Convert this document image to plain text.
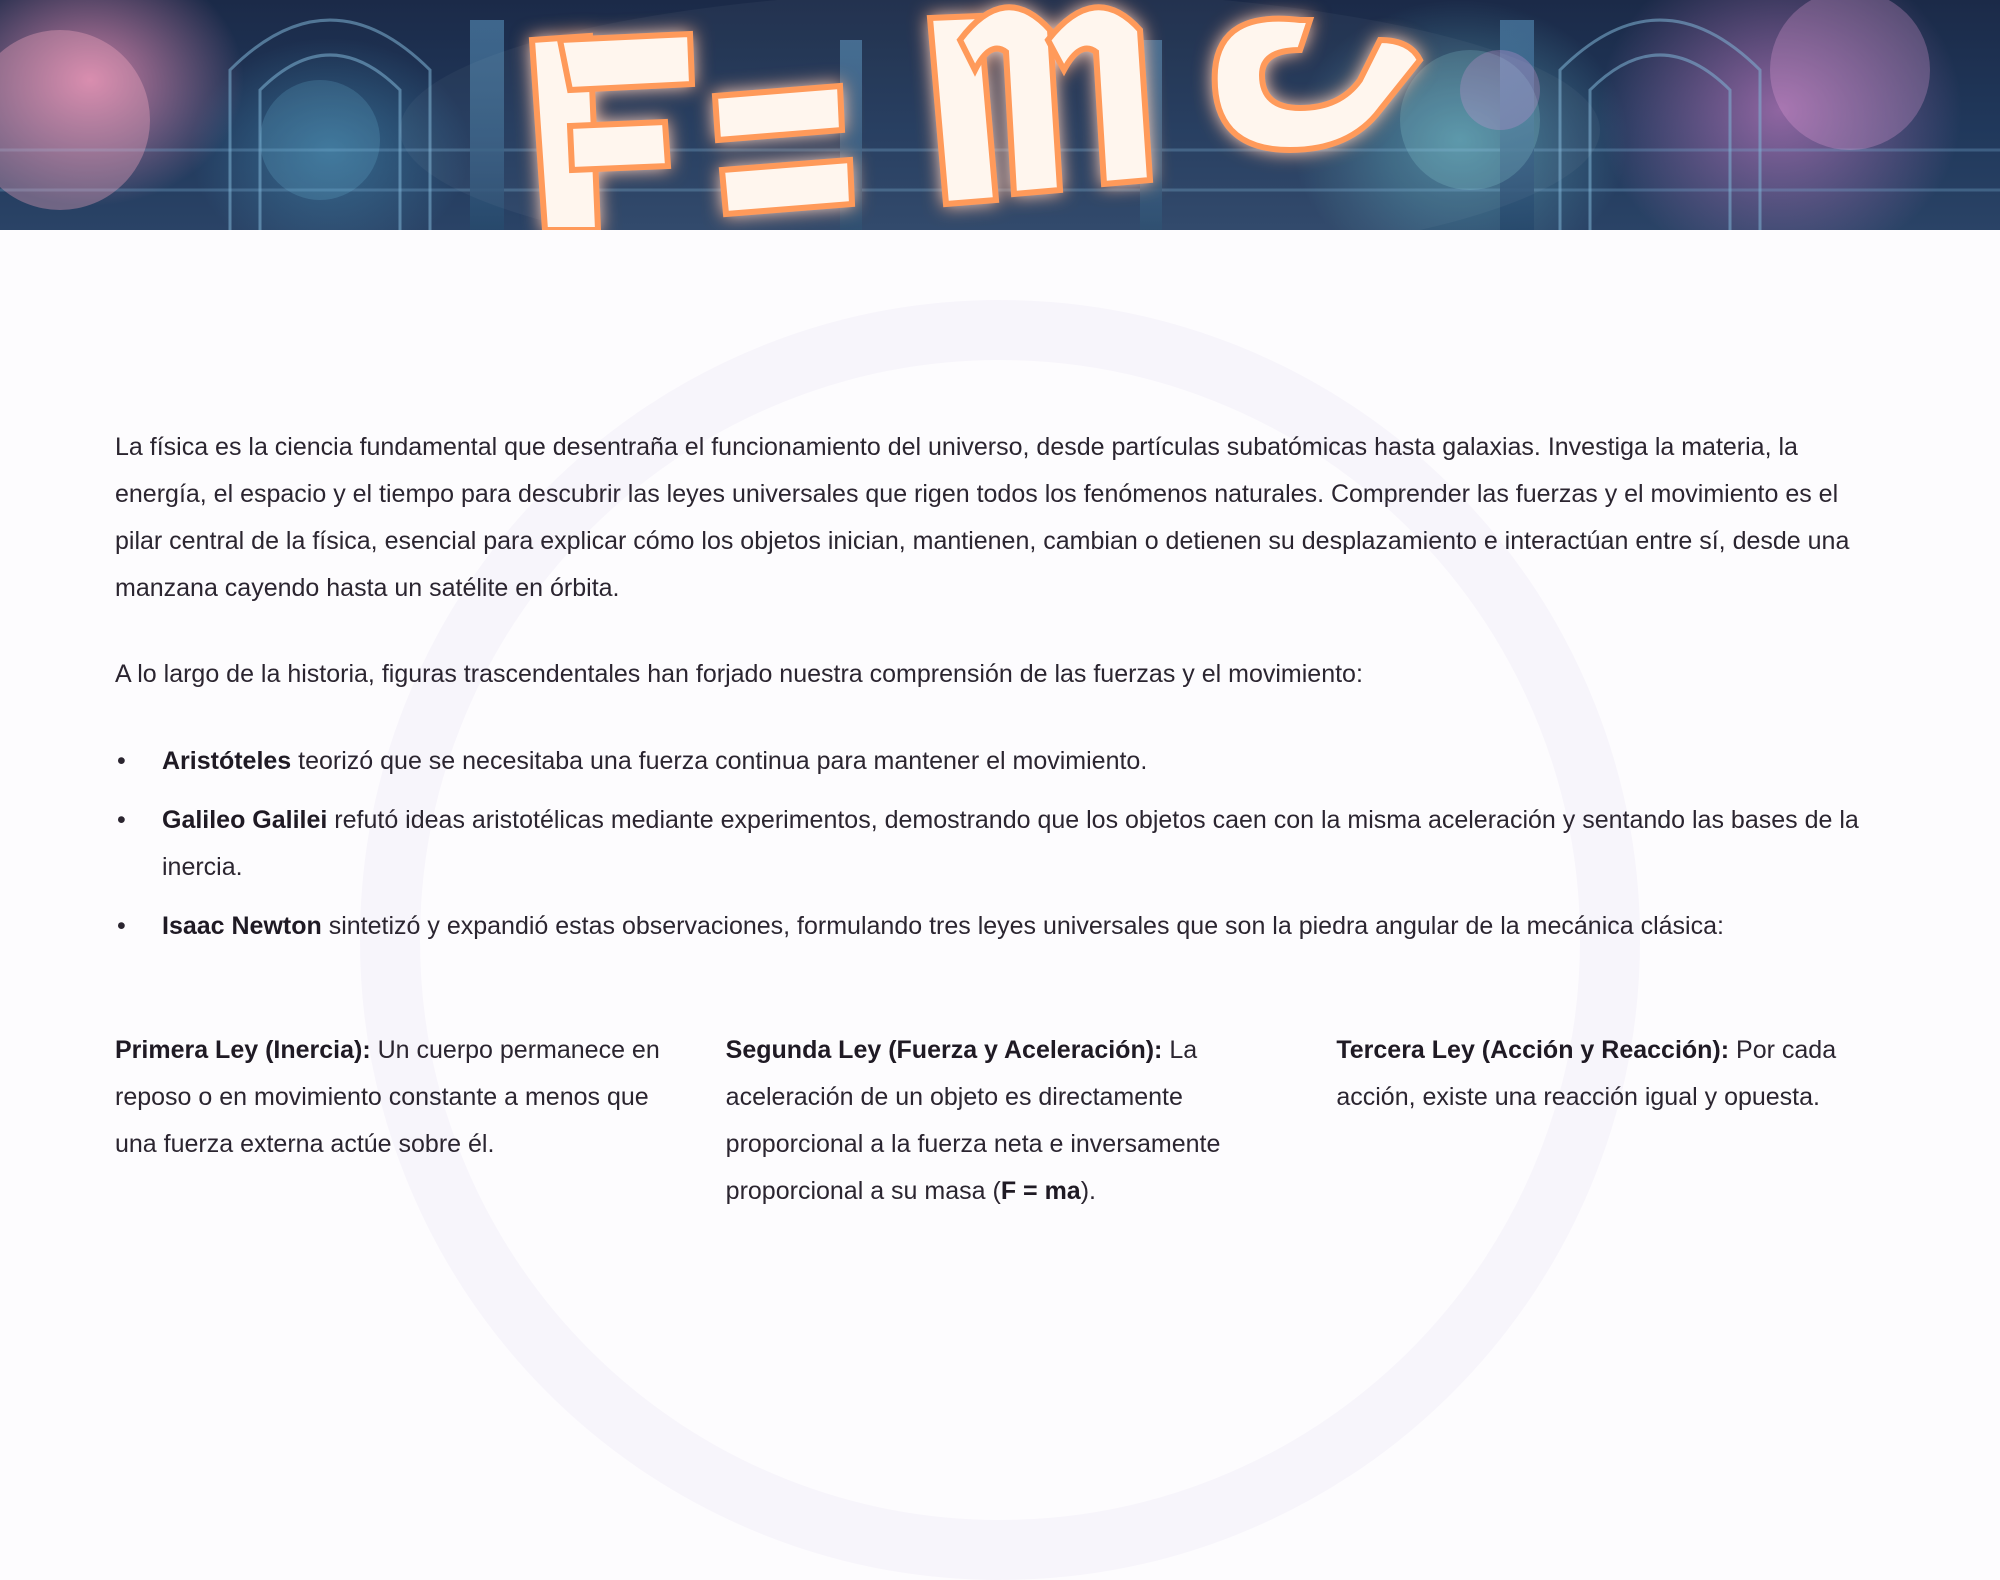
La física es la ciencia fundamental que desentraña el funcionamiento del universo, desde partículas subatómicas hasta galaxias. Investiga la materia, la energía, el espacio y el tiempo para descubrir las leyes universales que rigen todos los fenómenos naturales. Comprender las fuerzas y el movimiento es el pilar central de la física, esencial para explicar cómo los objetos inician, mantienen, cambian o detienen su desplazamiento e interactúan entre sí, desde una manzana cayendo hasta un satélite en órbita.

A lo largo de la historia, figuras trascendentales han forjado nuestra comprensión de las fuerzas y el movimiento:

• Aristóteles teorizó que se necesitaba una fuerza continua para mantener el movimiento.
• Galileo Galilei refutó ideas aristotélicas mediante experimentos, demostrando que los objetos caen con la misma aceleración y sentando las bases de la inercia.
• Isaac Newton sintetizó y expandió estas observaciones, formulando tres leyes universales que son la piedra angular de la mecánica clásica:
Primera Ley (Inercia): Un cuerpo permanece en reposo o en movimiento constante a menos que una fuerza externa actúe sobre él.
Segunda Ley (Fuerza y Aceleración): La aceleración de un objeto es directamente proporcional a la fuerza neta e inversamente proporcional a su masa (F = ma).
Tercera Ley (Acción y Reacción): Por cada acción, existe una reacción igual y opuesta.
